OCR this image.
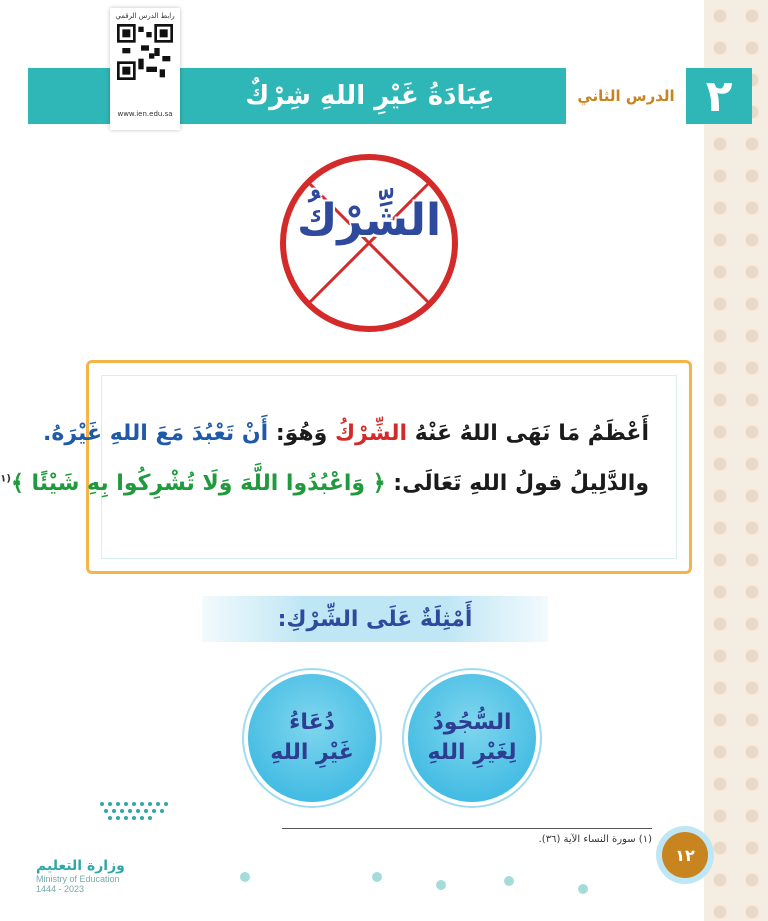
٢
الدرس الثاني
عِبَادَةُ غَيْرِ اللهِ شِرْكٌ
رابط الدرس الرقمي
www.ien.edu.sa
الشِّرْكُ
أَعْظَمُ مَا نَهَى اللهُ عَنْهُ الشِّرْكُ وَهُوَ: أَنْ تَعْبُدَ مَعَ اللهِ غَيْرَهُ.
والدَّلِيلُ قولُ اللهِ تَعَالَى: ﴿ وَاعْبُدُوا اللَّهَ وَلَا تُشْرِكُوا بِهِ شَيْئًا ﴾$^{(١}$
أَمْثِلَةٌ عَلَى الشِّرْكِ:
السُّجُودُ
لِغَيْرِ اللهِ
دُعَاءُ
غَيْرِ اللهِ
وزارة التعليم
Ministry of Education
2023 - 1444
(١) سورة النساء الآية (٣٦).
١٢
